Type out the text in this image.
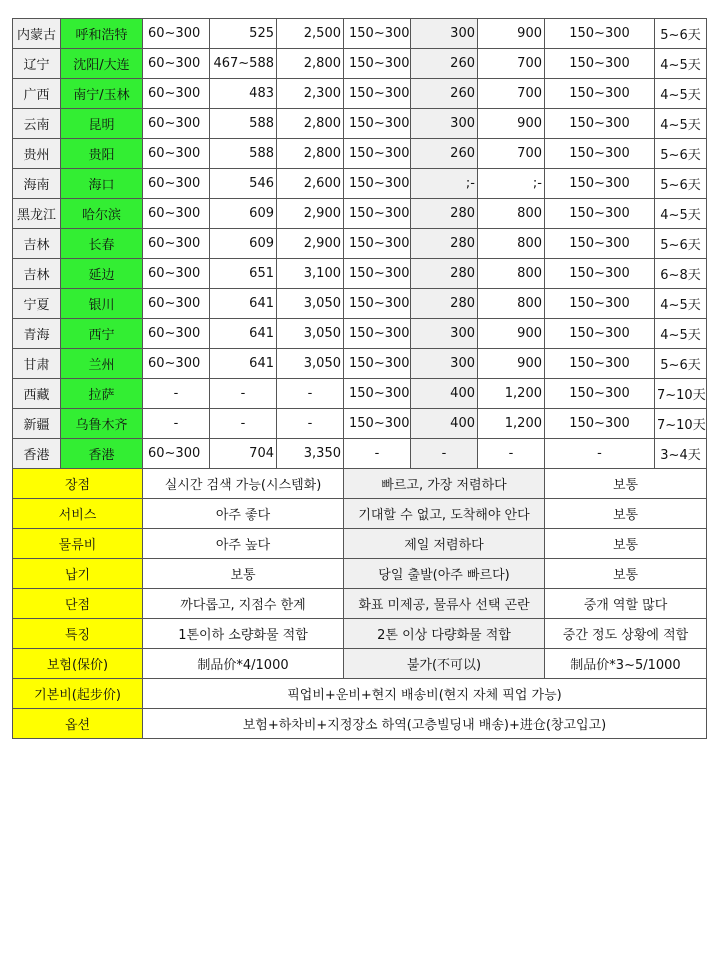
内蒙古	呼和浩特	60~300	525	2,500	150~300	300	900	150~300	5~6天
辽宁	沈阳/大连	60~300	467~588	2,800	150~300	260	700	150~300	4~5天
广西	南宁/玉林	60~300	483	2,300	150~300	260	700	150~300	4~5天
云南	昆明	60~300	588	2,800	150~300	300	900	150~300	4~5天
贵州	贵阳	60~300	588	2,800	150~300	260	700	150~300	5~6天
海南	海口	60~300	546	2,600	150~300	;-	;-	150~300	5~6天
黑龙江	哈尔滨	60~300	609	2,900	150~300	280	800	150~300	4~5天
吉林	长春	60~300	609	2,900	150~300	280	800	150~300	5~6天
吉林	延边	60~300	651	3,100	150~300	280	800	150~300	6~8天
宁夏	银川	60~300	641	3,050	150~300	280	800	150~300	4~5天
青海	西宁	60~300	641	3,050	150~300	300	900	150~300	4~5天
甘肃	兰州	60~300	641	3,050	150~300	300	900	150~300	5~6天
西藏	拉萨	-	-	-	150~300	400	1,200	150~300	7~10天
新疆	乌鲁木齐	-	-	-	150~300	400	1,200	150~300	7~10天
香港	香港	60~300	704	3,350	-	-	-	-	3~4天
장점		실시간 검색 가능(시스템화)			빠르고, 가장 저렴하다			보통	
서비스		아주 좋다			기대할 수 없고, 도착해야 안다			보통	
물류비		아주 높다			제일 저렴하다			보통	
납기		보통			당일 출발(아주 빠르다)			보통	
단점		까다롭고, 지점수 한계			화표 미제공, 물류사 선택 곤란			중개 역할 많다	
특징		1톤이하 소량화물 적합			2톤 이상 다량화물 적합			중간 정도 상황에 적합	
보험(保价)		制品价*4/1000			불가(不可以)			制品价*3~5/1000	
기본비(起步价)		픽업비+운비+현지 배송비(현지 자체 픽업 가능)							
옵션		보험+하차비+지정장소 하역(고층빌딩내 배송)+进仓(창고입고)							
